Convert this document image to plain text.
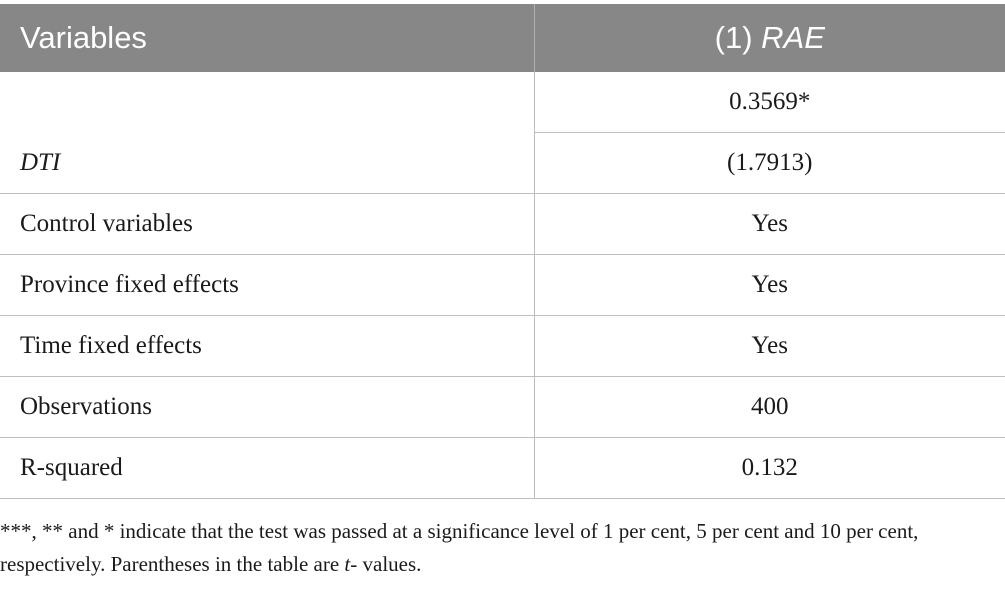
Variables	(1) RAE
DTI	0.3569*
	(1.7913)
Control variables	Yes
Province fixed effects	Yes
Time fixed effects	Yes
Observations	400
R-squared	0.132

***, ** and * indicate that the test was passed at a significance level of 1 per cent, 5 per cent and 10 per cent, respectively. Parentheses in the table are t- values.
